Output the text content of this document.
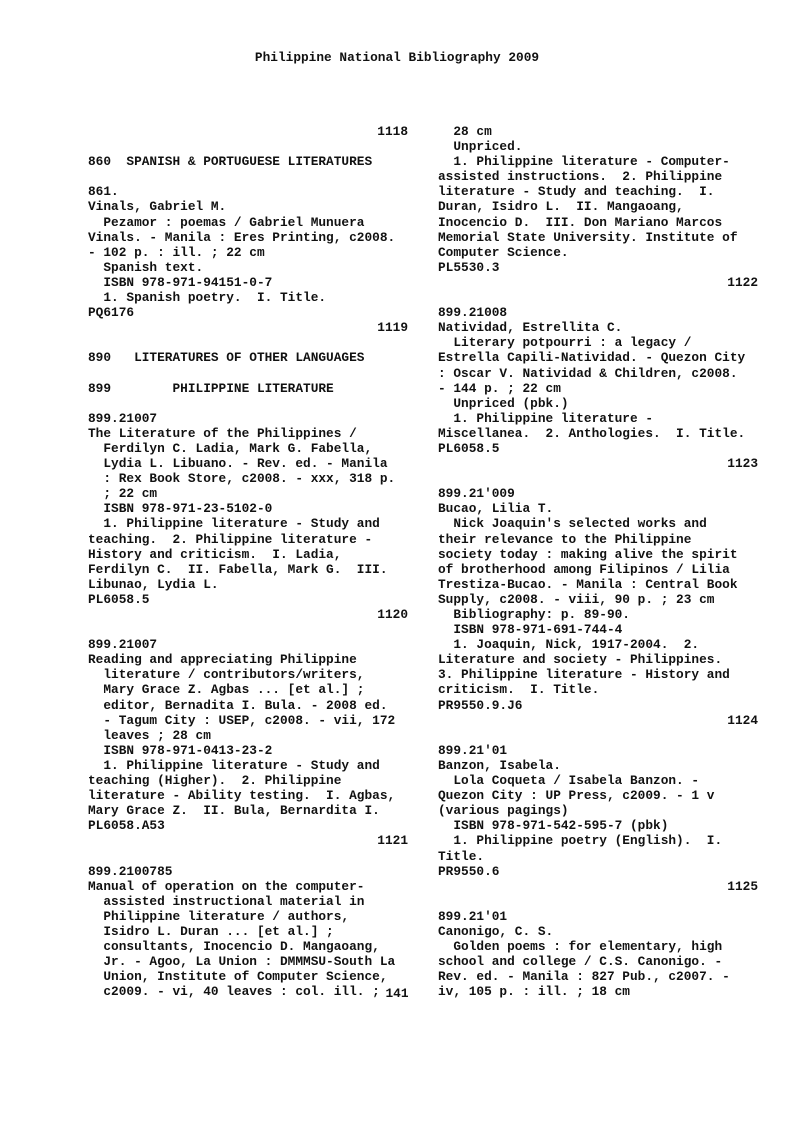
Philippine National Bibliography 2009
1118
860  SPANISH & PORTUGUESE LITERATURES
861.
Vinals, Gabriel M.
Pezamor : poemas / Gabriel Munuera
Vinals. - Manila : Eres Printing, c2008.
- 102 p. : ill. ; 22 cm
Spanish text.
ISBN 978-971-94151-0-7
1. Spanish poetry.  I. Title.
PQ6176
1119
890   LITERATURES OF OTHER LANGUAGES
899        PHILIPPINE LITERATURE
899.21007
The Literature of the Philippines /
Ferdilyn C. Ladia, Mark G. Fabella,
Lydia L. Libuano. - Rev. ed. - Manila
: Rex Book Store, c2008. - xxx, 318 p.
; 22 cm
ISBN 978-971-23-5102-0
1. Philippine literature - Study and
teaching.  2. Philippine literature -
History and criticism.  I. Ladia,
Ferdilyn C.  II. Fabella, Mark G.  III.
Libunao, Lydia L.
PL6058.5
1120
899.21007
Reading and appreciating Philippine
literature / contributors/writers,
Mary Grace Z. Agbas ... [et al.] ;
editor, Bernadita I. Bula. - 2008 ed.
- Tagum City : USEP, c2008. - vii, 172
leaves ; 28 cm
ISBN 978-971-0413-23-2
1. Philippine literature - Study and
teaching (Higher).  2. Philippine
literature - Ability testing.  I. Agbas,
Mary Grace Z.  II. Bula, Bernardita I.
PL6058.A53
1121
899.2100785
Manual of operation on the computer-
assisted instructional material in
Philippine literature / authors,
Isidro L. Duran ... [et al.] ;
consultants, Inocencio D. Mangaoang,
Jr. - Agoo, La Union : DMMMSU-South La
Union, Institute of Computer Science,
c2009. - vi, 40 leaves : col. ill. ;
28 cm
Unpriced.
1. Philippine literature - Computer-
assisted instructions.  2. Philippine
literature - Study and teaching.  I.
Duran, Isidro L.  II. Mangaoang,
Inocencio D.  III. Don Mariano Marcos
Memorial State University. Institute of
Computer Science.
PL5530.3
1122
899.21008
Natividad, Estrellita C.
Literary potpourri : a legacy /
Estrella Capili-Natividad. - Quezon City
: Oscar V. Natividad & Children, c2008.
- 144 p. ; 22 cm
Unpriced (pbk.)
1. Philippine literature -
Miscellanea.  2. Anthologies.  I. Title.
PL6058.5
1123
899.21'009
Bucao, Lilia T.
Nick Joaquin's selected works and
their relevance to the Philippine
society today : making alive the spirit
of brotherhood among Filipinos / Lilia
Trestiza-Bucao. - Manila : Central Book
Supply, c2008. - viii, 90 p. ; 23 cm
Bibliography: p. 89-90.
ISBN 978-971-691-744-4
1. Joaquin, Nick, 1917-2004.  2.
Literature and society - Philippines.
3. Philippine literature - History and
criticism.  I. Title.
PR9550.9.J6
1124
899.21'01
Banzon, Isabela.
Lola Coqueta / Isabela Banzon. -
Quezon City : UP Press, c2009. - 1 v
(various pagings)
ISBN 978-971-542-595-7 (pbk)
1. Philippine poetry (English).  I.
Title.
PR9550.6
1125
899.21'01
Canonigo, C. S.
Golden poems : for elementary, high
school and college / C.S. Canonigo. -
Rev. ed. - Manila : 827 Pub., c2007. -
iv, 105 p. : ill. ; 18 cm
141
